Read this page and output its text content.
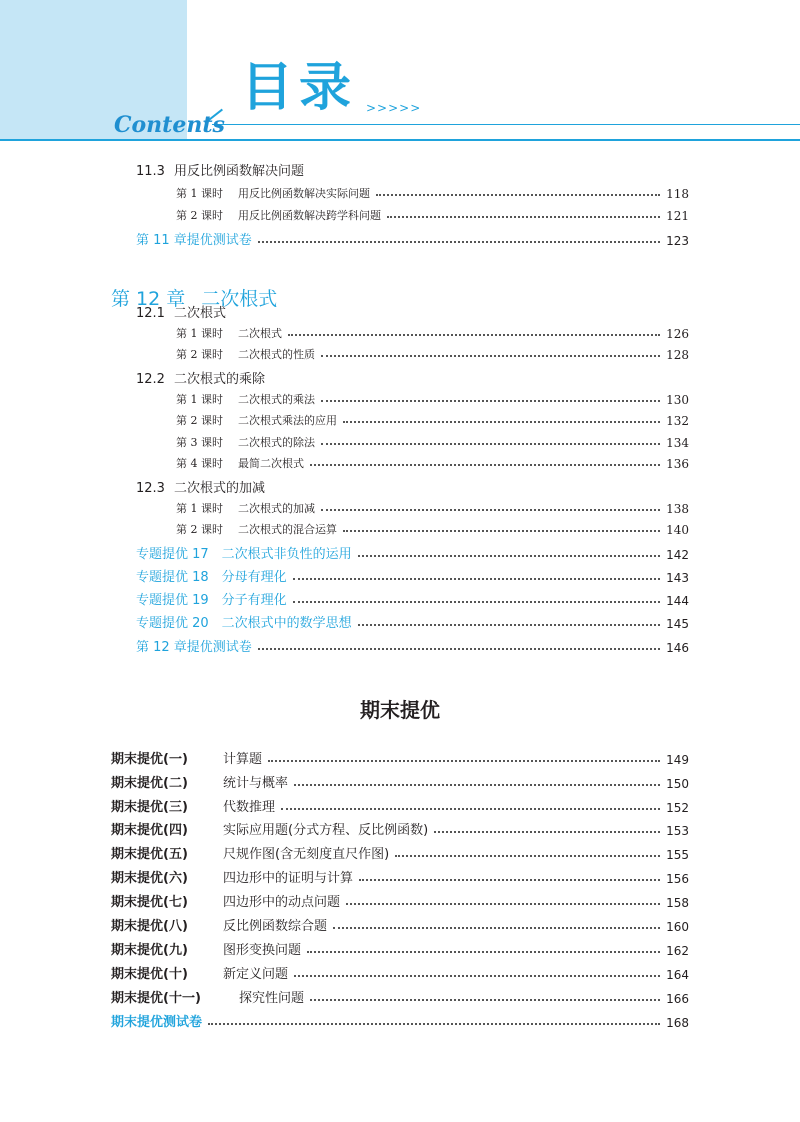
目录 >>>>>
Contents
第 12 章 二次根式
期末提优
11.3 用反比例函数解决问题
第 1 课时	用反比例函数解决实际问题	118
第 2 课时	用反比例函数解决跨学科问题	121
第 11 章提优测试卷	123
12.1 二次根式
第 1 课时	二次根式	126
第 2 课时	二次根式的性质	128
12.2 二次根式的乘除
第 1 课时	二次根式的乘法	130
第 2 课时	二次根式乘法的应用	132
第 3 课时	二次根式的除法	134
第 4 课时	最简二次根式	136
12.3 二次根式的加减
第 1 课时	二次根式的加减	138
第 2 课时	二次根式的混合运算	140
专题提优 17　二次根式非负性的运用	142
专题提优 18　分母有理化	143
专题提优 19　分子有理化	144
专题提优 20　二次根式中的数学思想	145
第 12 章提优测试卷	146
期末提优(一)	计算题	149
期末提优(二)	统计与概率	150
期末提优(三)	代数推理	152
期末提优(四)	实际应用题(分式方程、反比例函数)	153
期末提优(五)	尺规作图(含无刻度直尺作图)	155
期末提优(六)	四边形中的证明与计算	156
期末提优(七)	四边形中的动点问题	158
期末提优(八)	反比例函数综合题	160
期末提优(九)	图形变换问题	162
期末提优(十)	新定义问题	164
期末提优(十一)	探究性问题	166
期末提优测试卷	168
